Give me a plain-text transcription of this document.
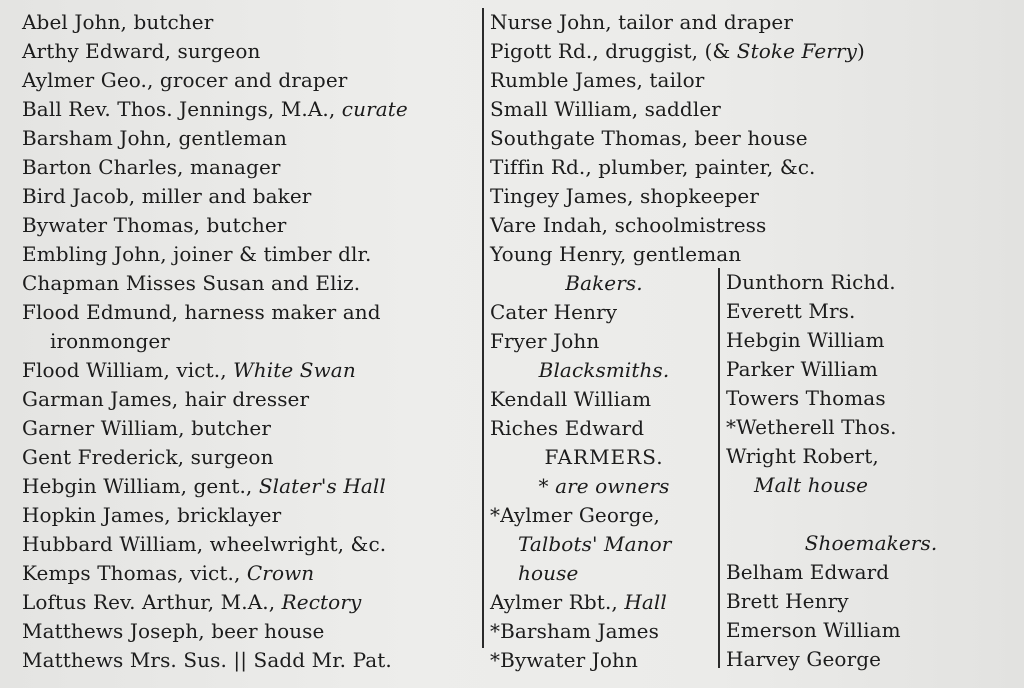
Abel John, butcher
Arthy Edward, surgeon
Aylmer Geo., grocer and draper
Ball Rev. Thos. Jennings, M.A., curate
Barsham John, gentleman
Barton Charles, manager
Bird Jacob, miller and baker
Bywater Thomas, butcher
Embling John, joiner & timber dlr.
Chapman Misses Susan and Eliz.
Flood Edmund, harness maker and
ironmonger
Flood William, vict., White Swan
Garman James, hair dresser
Garner William, butcher
Gent Frederick, surgeon
Hebgin William, gent., Slater's Hall
Hopkin James, bricklayer
Hubbard William, wheelwright, &c.
Kemps Thomas, vict., Crown
Loftus Rev. Arthur, M.A., Rectory
Matthews Joseph, beer house
Matthews Mrs. Sus. || Sadd Mr. Pat.
Nurse John, tailor and draper
Pigott Rd., druggist, (& Stoke Ferry)
Rumble James, tailor
Small William, saddler
Southgate Thomas, beer house
Tiffin Rd., plumber, painter, &c.
Tingey James, shopkeeper
Vare Indah, schoolmistress
Young Henry, gentleman
Bakers.
Cater Henry
Fryer John
Blacksmiths.
Kendall William
Riches Edward
FARMERS.
* are owners
*Aylmer George,
Talbots' Manor
house
Aylmer Rbt., Hall
*Barsham James
*Bywater John
Dunthorn Richd.
Everett Mrs.
Hebgin William
Parker William
Towers Thomas
*Wetherell Thos.
Wright Robert,
Malt house
Shoemakers.
Belham Edward
Brett Henry
Emerson William
Harvey George
